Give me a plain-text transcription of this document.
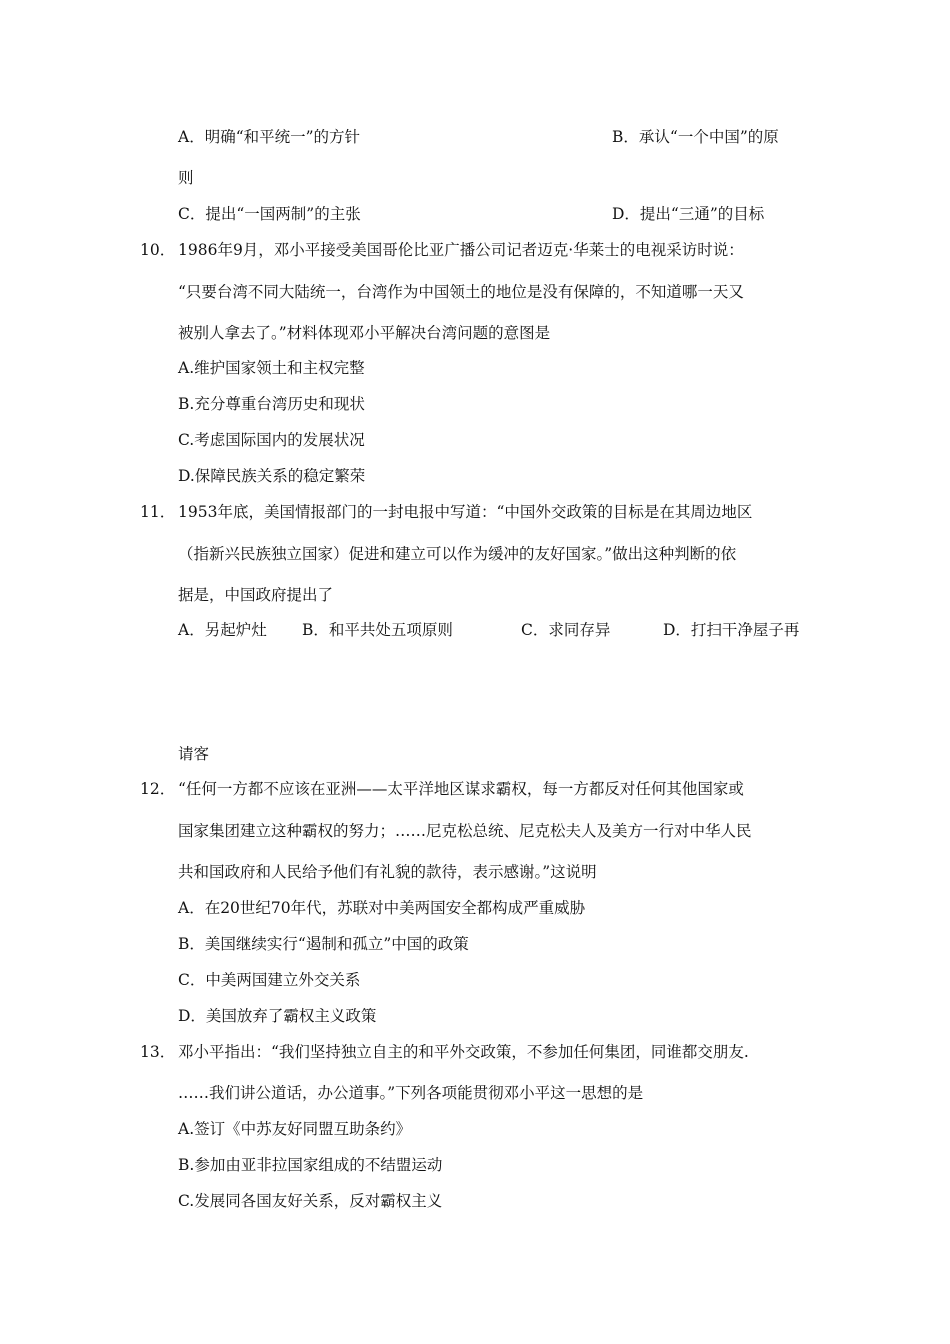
A．明确“和平统一”的方针	B．承认“一个中国”的原
则
C．提出“一国两制”的主张	D．提出“三通”的目标
10． 1986年9月，邓小平接受美国哥伦比亚广播公司记者迈克·华莱士的电视采访时说：
“只要台湾不同大陆统一，台湾作为中国领土的地位是没有保障的，不知道哪一天又
被别人拿去了。”材料体现邓小平解决台湾问题的意图是
A.维护国家领土和主权完整
B.充分尊重台湾历史和现状
C.考虑国际国内的发展状况
D.保障民族关系的稳定繁荣
11． 1953年底，美国情报部门的一封电报中写道：“中国外交政策的目标是在其周边地区
（指新兴民族独立国家）促进和建立可以作为缓冲的友好国家。”做出这种判断的依
据是，中国政府提出了
A．另起炉灶 B．和平共处五项原则	C．求同存异	D．打扫干净屋子再
请客
12． “任何一方都不应该在亚洲——太平洋地区谋求霸权，每一方都反对任何其他国家或
国家集团建立这种霸权的努力；……尼克松总统、尼克松夫人及美方一行对中华人民
共和国政府和人民给予他们有礼貌的款待，表示感谢。”这说明
A．在20世纪70年代，苏联对中美两国安全都构成严重威胁
B．美国继续实行“遏制和孤立”中国的政策
C．中美两国建立外交关系
D．美国放弃了霸权主义政策
13． 邓小平指出：“我们坚持独立自主的和平外交政策，不参加任何集团，同谁都交朋友.
……我们讲公道话，办公道事。”下列各项能贯彻邓小平这一思想的是
A.签订《中苏友好同盟互助条约》
B.参加由亚非拉国家组成的不结盟运动
C.发展同各国友好关系，反对霸权主义
